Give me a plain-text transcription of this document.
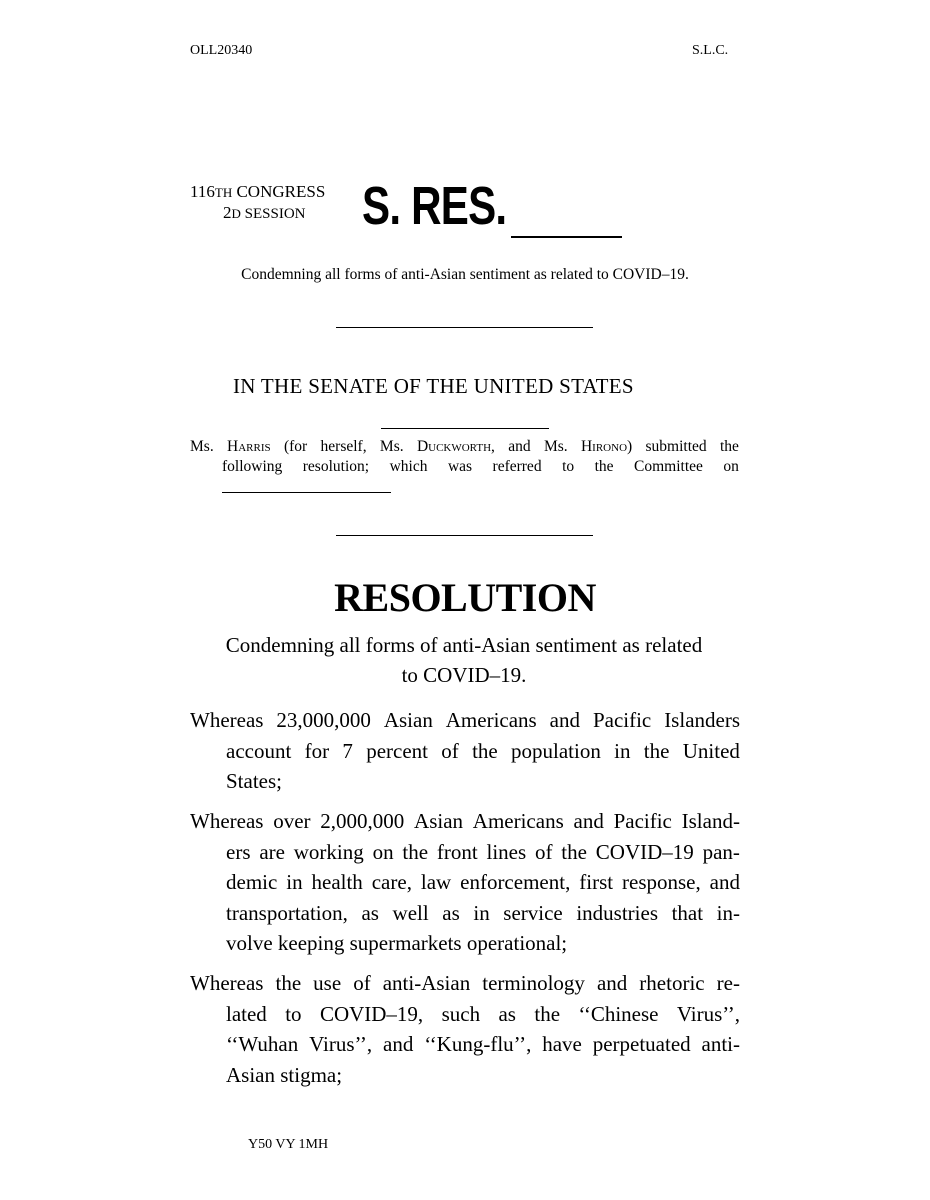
OLL20340	S.L.C.
116TH CONGRESS
2D SESSION	S. RES.
Condemning all forms of anti-Asian sentiment as related to COVID–19.
IN THE SENATE OF THE UNITED STATES
Ms. Harris (for herself, Ms. Duckworth, and Ms. Hirono) submitted the
following resolution; which was referred to the Committee on
RESOLUTION
Condemning all forms of anti-Asian sentiment as related
to COVID–19.
Whereas 23,000,000 Asian Americans and Pacific Islanders
account for 7 percent of the population in the United
States;
Whereas over 2,000,000 Asian Americans and Pacific Island-
ers are working on the front lines of the COVID–19 pan-
demic in health care, law enforcement, first response, and
transportation, as well as in service industries that in-
volve keeping supermarkets operational;
Whereas the use of anti-Asian terminology and rhetoric re-
lated to COVID–19, such as the ‘‘Chinese Virus’’,
‘‘Wuhan Virus’’, and ‘‘Kung-flu’’, have perpetuated anti-
Asian stigma;
Y50 VY 1MH
